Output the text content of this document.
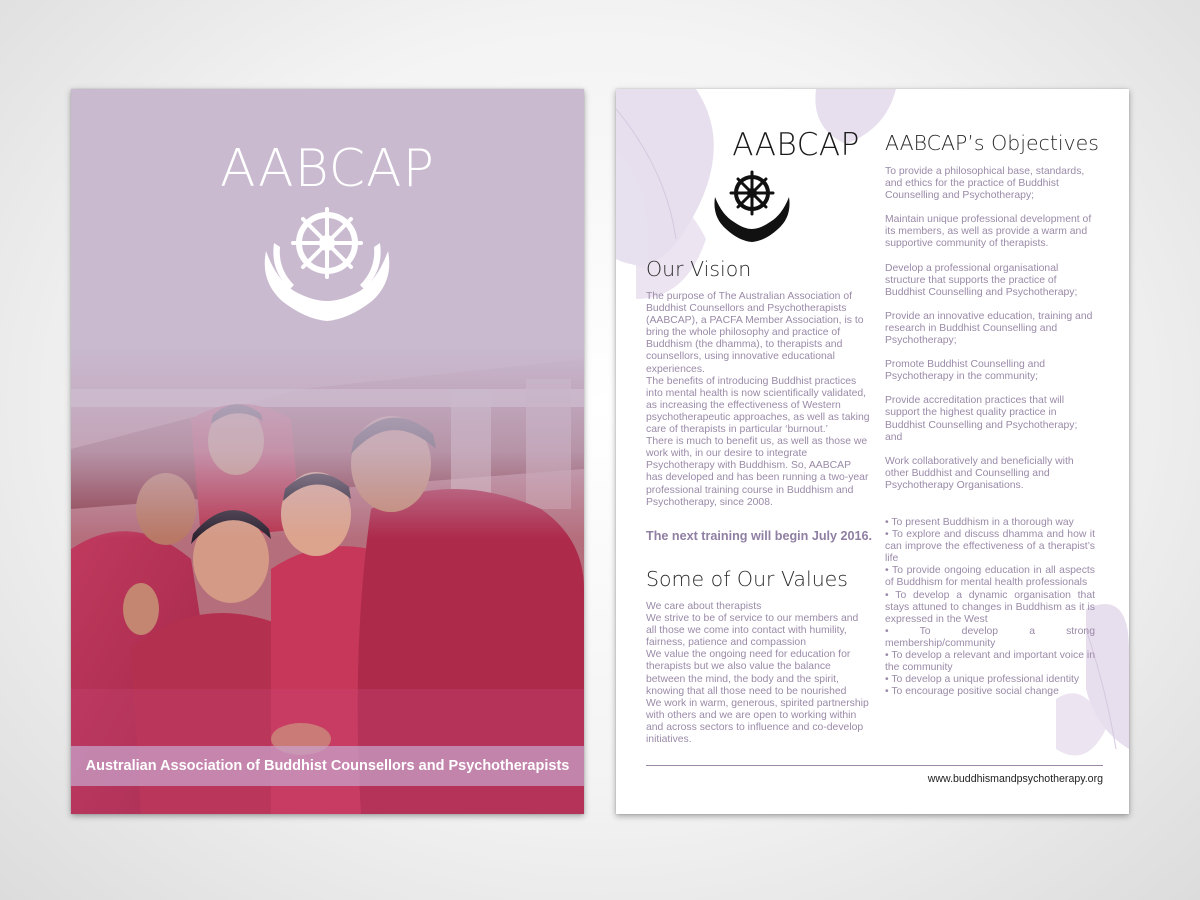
AABCAP
Australian Association of Buddhist Counsellors and Psychotherapists
AABCAP
Our Vision

The purpose of The Australian Association of Buddhist Counsellors and Psychotherapists (AABCAP), a PACFA Member Association, is to bring the whole philosophy and practice of Buddhism (the dhamma), to therapists and counsellors, using innovative educational experiences.

The benefits of introducing Buddhist practices into mental health is now scientifically validated, as increasing the effectiveness of Western psychotherapeutic approaches, as well as taking care of therapists in particular ‘burnout.’

There is much to benefit us, as well as those we work with, in our desire to integrate Psychotherapy with Buddhism. So, AABCAP has developed and has been running a two-year professional training course in Buddhism and Psychotherapy, since 2008.

The next training will begin July 2016.
Some of Our Values

We care about therapists

We strive to be of service to our members and all those we come into contact with humility, fairness, patience and compassion

We value the ongoing need for education for therapists but we also value the balance between the mind, the body and the spirit, knowing that all those need to be nourished

We work in warm, generous, spirited partnership with others and we are open to working within and across sectors to influence and co-develop initiatives.

AABCAP’s Objectives

To provide a philosophical base, standards, and ethics for the practice of Buddhist Counselling and Psychotherapy;

Maintain unique professional development of its members, as well as provide a warm and supportive community of therapists.

Develop a professional organisational structure that supports the practice of Buddhist Counselling and Psychotherapy;

Provide an innovative education, training and research in Buddhist Counselling and Psychotherapy;

Promote Buddhist Counselling and Psychotherapy in the community;

Provide accreditation practices that will support the highest quality practice in Buddhist Counselling and Psychotherapy; and

Work collaboratively and beneficially with other Buddhist and Counselling and Psychotherapy Organisations.

• To present Buddhism in a thorough way
• To explore and discuss dhamma and how it can improve the effectiveness of a therapist’s life
• To provide ongoing education in all aspects of Buddhism for mental health professionals
• To develop a dynamic organisation that stays attuned to changes in Buddhism as it is expressed in the West
• To develop a strong membership/community
• To develop a relevant and important voice in the community
• To develop a unique professional identity
• To encourage positive social change
www.buddhismandpsychotherapy.org
